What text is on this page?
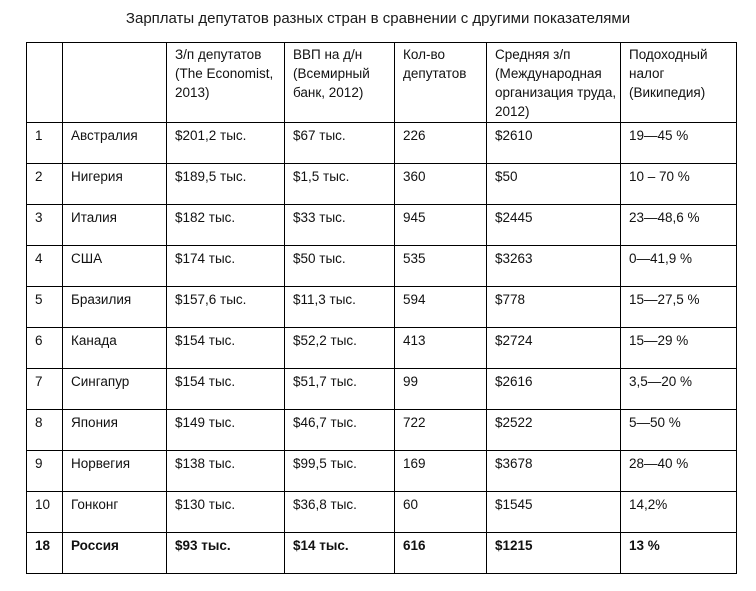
Зарплаты депутатов разных стран в сравнении с другими показателями
		З/п депутатов (The Economist, 2013)	ВВП на д/н (Всемирный банк, 2012)	Кол-во депутатов	Средняя з/п (Международная организация труда, 2012)	Подоходный налог (Википедия)
1	Австралия	$201,2 тыс.	$67 тыс.	226	$2610	19—45 %
2	Нигерия	$189,5 тыс.	$1,5 тыс.	360	$50	10 – 70 %
3	Италия	$182 тыс.	$33 тыс.	945	$2445	23—48,6 %
4	США	$174 тыс.	$50 тыс.	535	$3263	0—41,9 %
5	Бразилия	$157,6 тыс.	$11,3 тыс.	594	$778	15—27,5 %
6	Канада	$154 тыс.	$52,2 тыс.	413	$2724	15—29 %
7	Сингапур	$154 тыс.	$51,7 тыс.	99	$2616	3,5—20 %
8	Япония	$149 тыс.	$46,7 тыс.	722	$2522	5—50 %
9	Норвегия	$138 тыс.	$99,5 тыс.	169	$3678	28—40 %
10	Гонконг	$130 тыс.	$36,8 тыс.	60	$1545	14,2%
18	Россия	$93 тыс.	$14 тыс.	616	$1215	13 %
